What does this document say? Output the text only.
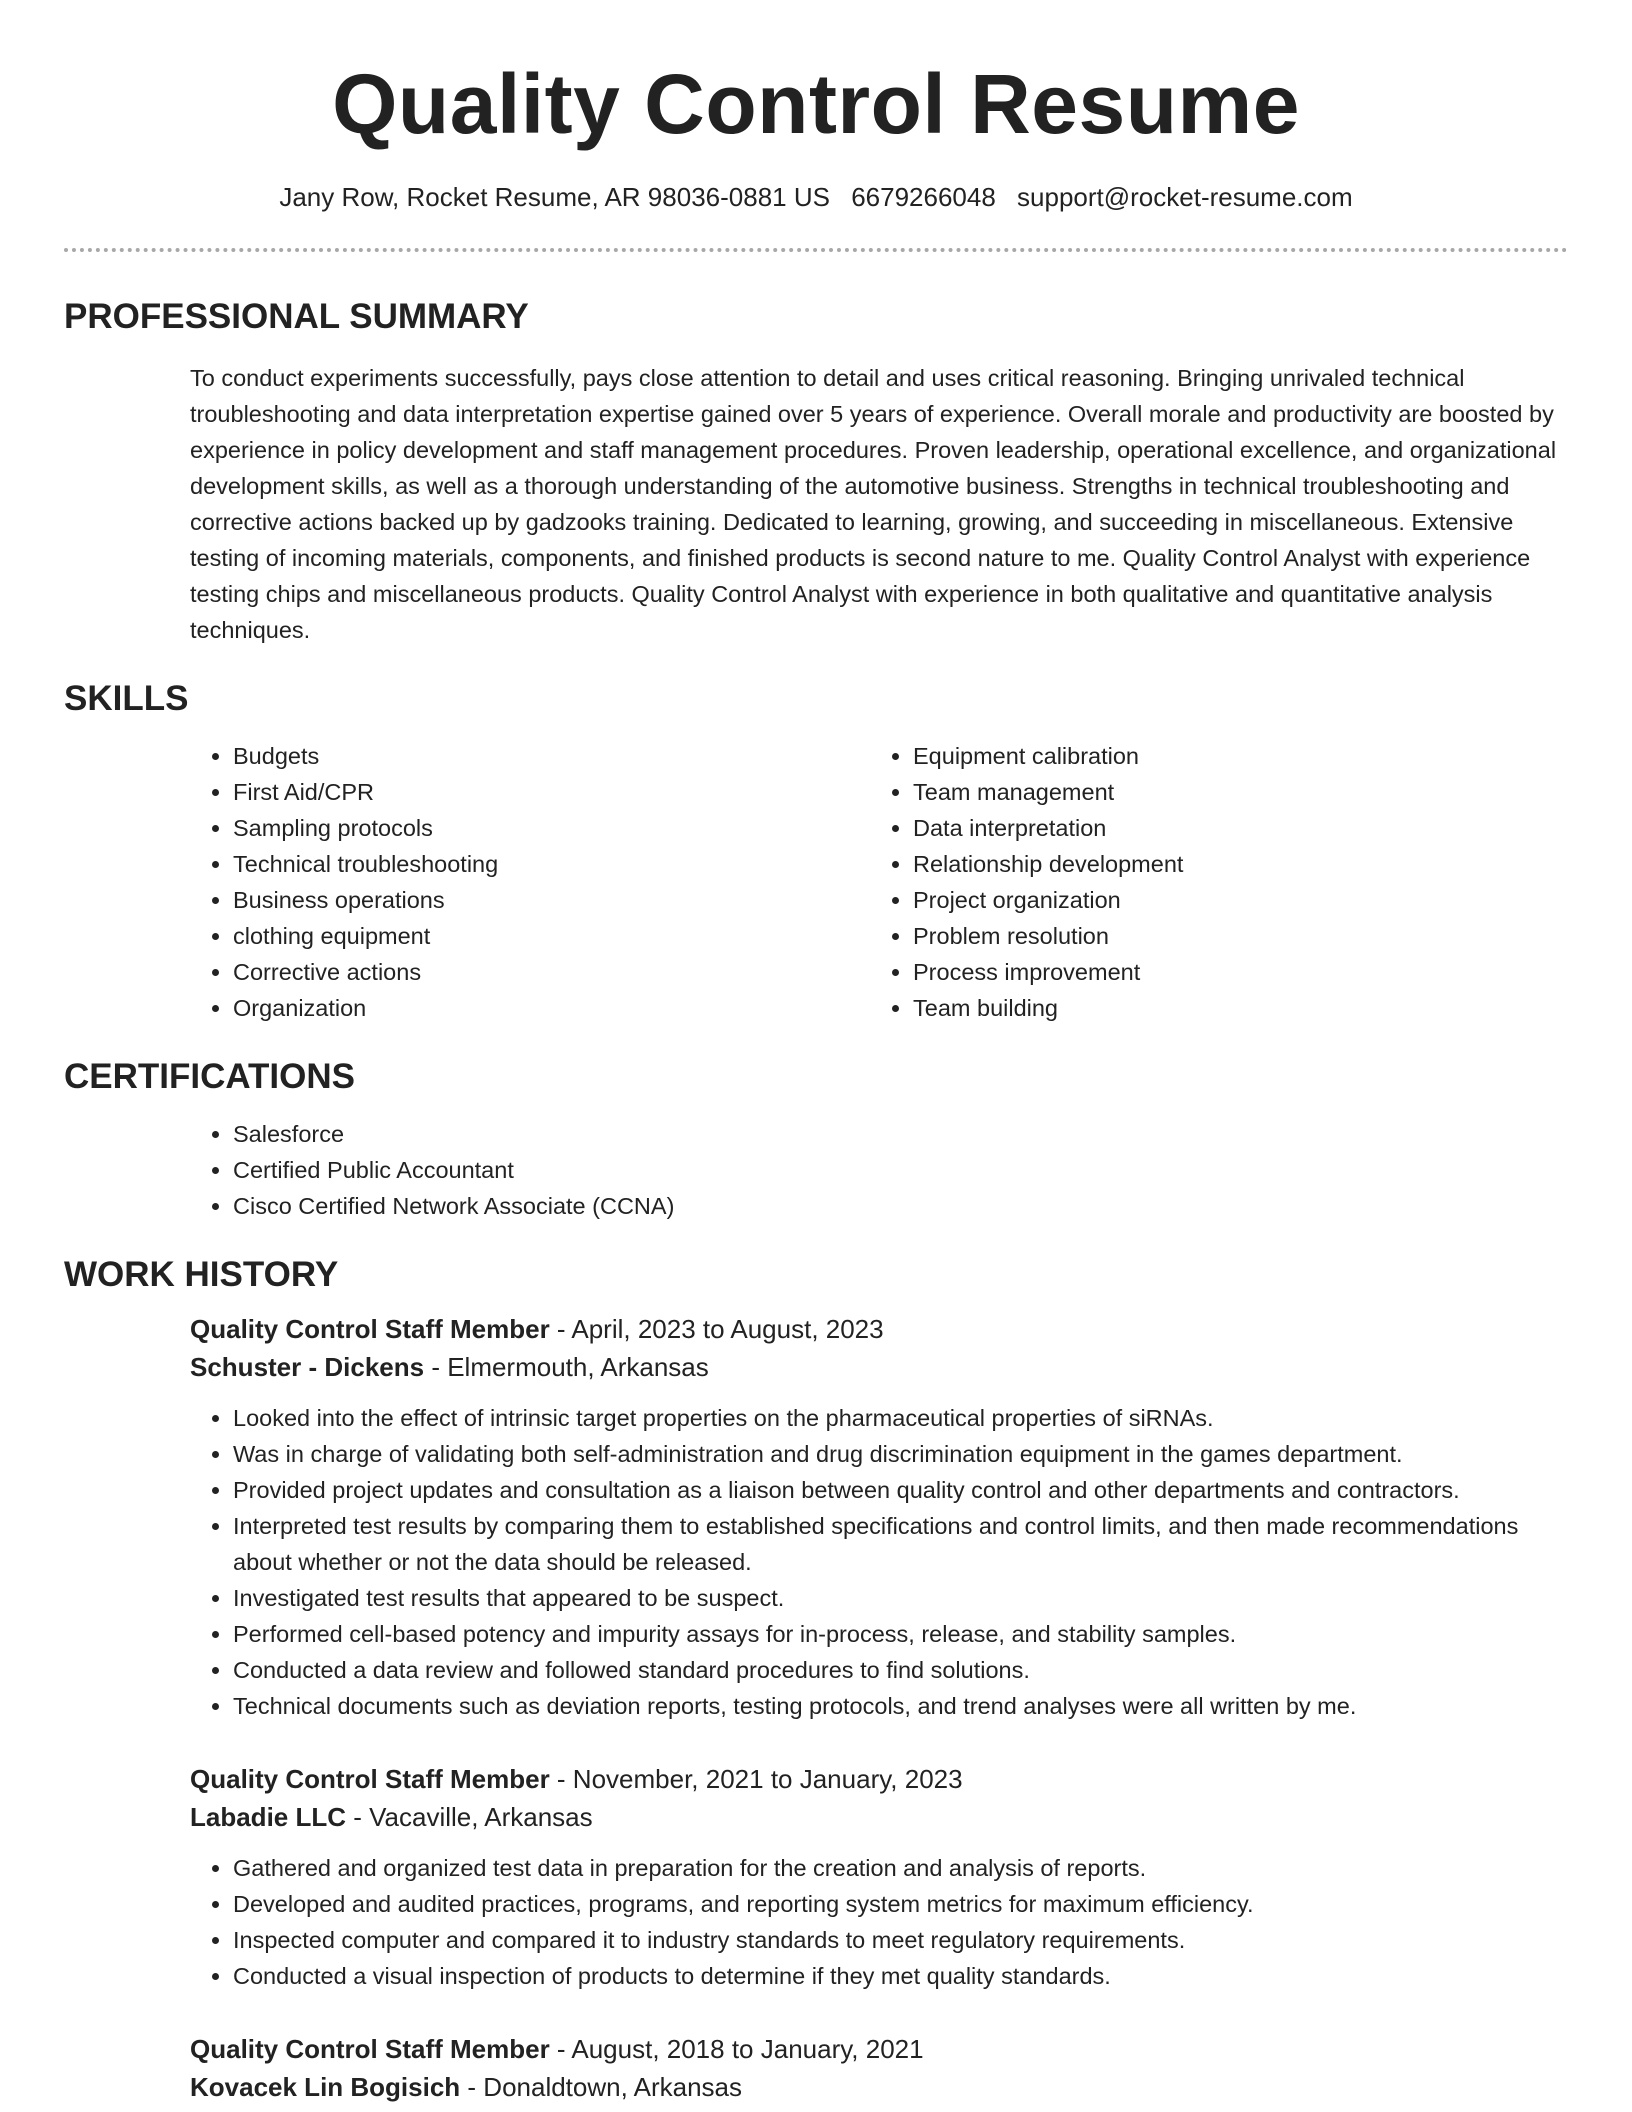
Quality Control Resume
Jany Row, Rocket Resume, AR 98036-0881 US 6679266048 support@rocket-resume.com
PROFESSIONAL SUMMARY

To conduct experiments successfully, pays close attention to detail and uses critical reasoning. Bringing unrivaled technical troubleshooting and data interpretation expertise gained over 5 years of experience. Overall morale and productivity are boosted by experience in policy development and staff management procedures. Proven leadership, operational excellence, and organizational development skills, as well as a thorough understanding of the automotive business. Strengths in technical troubleshooting and corrective actions backed up by gadzooks training. Dedicated to learning, growing, and succeeding in miscellaneous. Extensive testing of incoming materials, components, and finished products is second nature to me. Quality Control Analyst with experience testing chips and miscellaneous products. Quality Control Analyst with experience in both qualitative and quantitative analysis techniques.

SKILLS
• Budgets
• First Aid/CPR
• Sampling protocols
• Technical troubleshooting
• Business operations
• clothing equipment
• Corrective actions
• Organization
• Equipment calibration
• Team management
• Data interpretation
• Relationship development
• Project organization
• Problem resolution
• Process improvement
• Team building
CERTIFICATIONS
• Salesforce
• Certified Public Accountant
• Cisco Certified Network Associate (CCNA)
WORK HISTORY
Quality Control Staff Member - April, 2023 to August, 2023
Schuster - Dickens - Elmermouth, Arkansas
• Looked into the effect of intrinsic target properties on the pharmaceutical properties of siRNAs.
• Was in charge of validating both self-administration and drug discrimination equipment in the games department.
• Provided project updates and consultation as a liaison between quality control and other departments and contractors.
• Interpreted test results by comparing them to established specifications and control limits, and then made recommendations about whether or not the data should be released.
• Investigated test results that appeared to be suspect.
• Performed cell-based potency and impurity assays for in-process, release, and stability samples.
• Conducted a data review and followed standard procedures to find solutions.
• Technical documents such as deviation reports, testing protocols, and trend analyses were all written by me.
Quality Control Staff Member - November, 2021 to January, 2023
Labadie LLC - Vacaville, Arkansas
• Gathered and organized test data in preparation for the creation and analysis of reports.
• Developed and audited practices, programs, and reporting system metrics for maximum efficiency.
• Inspected computer and compared it to industry standards to meet regulatory requirements.
• Conducted a visual inspection of products to determine if they met quality standards.
Quality Control Staff Member - August, 2018 to January, 2021
Kovacek Lin Bogisich - Donaldtown, Arkansas
